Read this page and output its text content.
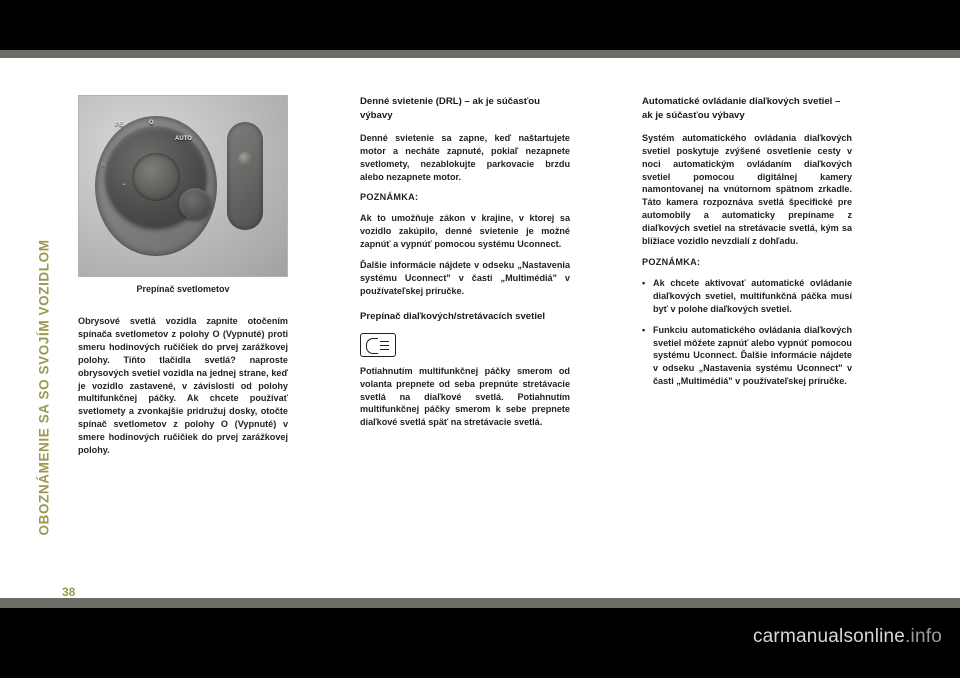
OBOZNÁMENIE SA SO SVOJÍM VOZIDLOM
38
PE	O
AUTO
⌂
⌐
Prepínač svetlometov

Obrysové svetlá vozidla zapnite otočením spínača svetlometov z polohy O (Vypnuté) proti smeru hodinových ručičiek do prvej zarážkovej polohy. Tiňto tlačidla svetlá? naproste obrysových svetiel vozidla na jednej strane, keď je vozidlo zastavené, v závislosti od polohy multifunkčnej páčky. Ak chcete používať svetlomety a zvonkajšie pridružuj dosky, otočte spínač svetlometov z polohy O (Vypnuté) v smere hodinových ručičiek do prvej zarážkovej polohy.

Denné svietenie (DRL) – ak je súčasťou výbavy

Denné svietenie sa zapne, keď naštartujete motor a necháte zapnuté, pokiaľ nezapnete svetlomety, nezablokujte parkovacie brzdu alebo nezapnete motor.

POZNÁMKA:

Ak to umožňuje zákon v krajine, v ktorej sa vozidlo zakúpilo, denné svietenie je možné zapnúť a vypnúť pomocou systému Uconnect.

Ďalšie informácie nájdete v odseku „Nastavenia systému Uconnect" v časti „Multimédiá" v používateľskej príručke.

Prepínač diaľkových/stretávacích svetiel

Potiahnutím multifunkčnej páčky smerom od volanta prepnete od seba prepnúte stretávacie svetlá na diaľkové svetlá. Potiahnutím multifunkčnej páčky smerom k sebe prepnete diaľkové svetlá späť na stretávacie svetlá.

Automatické ovládanie diaľkových svetiel – ak je súčasťou výbavy

Systém automatického ovládania diaľkových svetiel poskytuje zvýšené osvetlenie cesty v noci automatickým ovládaním diaľkových svetiel pomocou digitálnej kamery namontovanej na vnútornom spätnom zrkadle. Táto kamera rozpoznáva svetlá špecifické pre automobily a automaticky prepíname z diaľkových svetiel na stretávacie svetlá, kým sa blížiace vozidlo nevzdialí z dohľadu.

POZNÁMKA:

• Ak chcete aktivovať automatické ovládanie diaľkových svetiel, multifunkčná páčka musí byť v polohe diaľkových svetiel.
• Funkciu automatického ovládania diaľkových svetiel môžete zapnúť alebo vypnúť pomocou systému Uconnect. Ďalšie informácie nájdete v odseku „Nastavenia systému Uconnect" v časti „Multimédiá" v používateľskej príručke.
carmanualsonline.info
